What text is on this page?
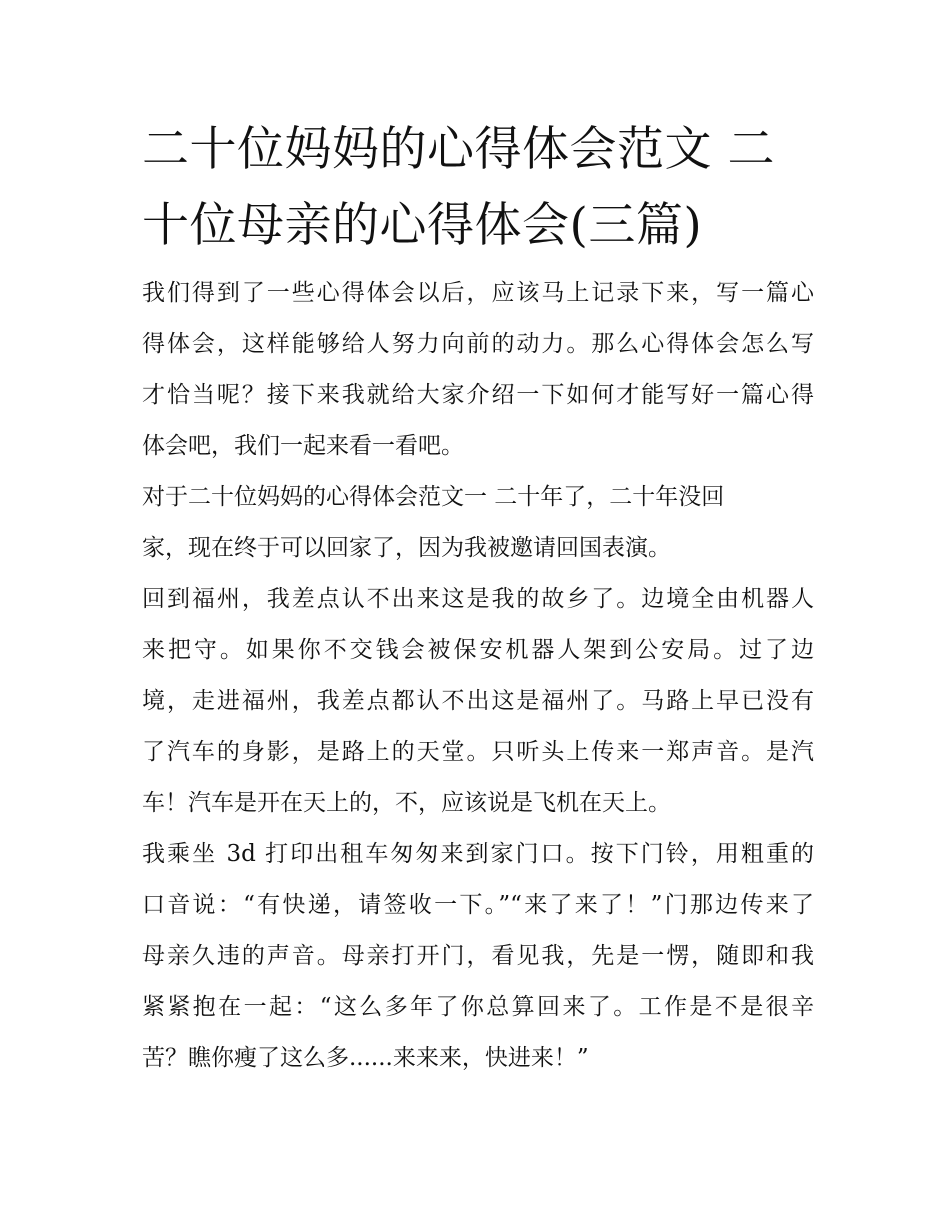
二十位妈妈的心得体会范文 二
十位母亲的心得体会(三篇)

我们得到了一些心得体会以后，应该马上记录下来，写一篇心
得体会，这样能够给人努力向前的动力。那么心得体会怎么写
才恰当呢？接下来我就给大家介绍一下如何才能写好一篇心得
体会吧，我们一起来看一看吧。

对于二十位妈妈的心得体会范文一 二十年了，二十年没回
家，现在终于可以回家了，因为我被邀请回国表演。

回到福州，我差点认不出来这是我的故乡了。边境全由机器人
来把守。如果你不交钱会被保安机器人架到公安局。过了边
境，走进福州，我差点都认不出这是福州了。马路上早已没有
了汽车的身影，是路上的天堂。只听头上传来一郑声音。是汽
车！汽车是开在天上的，不，应该说是飞机在天上。

我乘坐 3d 打印出租车匆匆来到家门口。按下门铃，用粗重的
口音说：“有快递，请签收一下。”“来了来了！”门那边传来了
母亲久违的声音。母亲打开门，看见我，先是一愣，随即和我
紧紧抱在一起：“这么多年了你总算回来了。工作是不是很辛
苦？瞧你瘦了这么多......来来来，快进来！”
